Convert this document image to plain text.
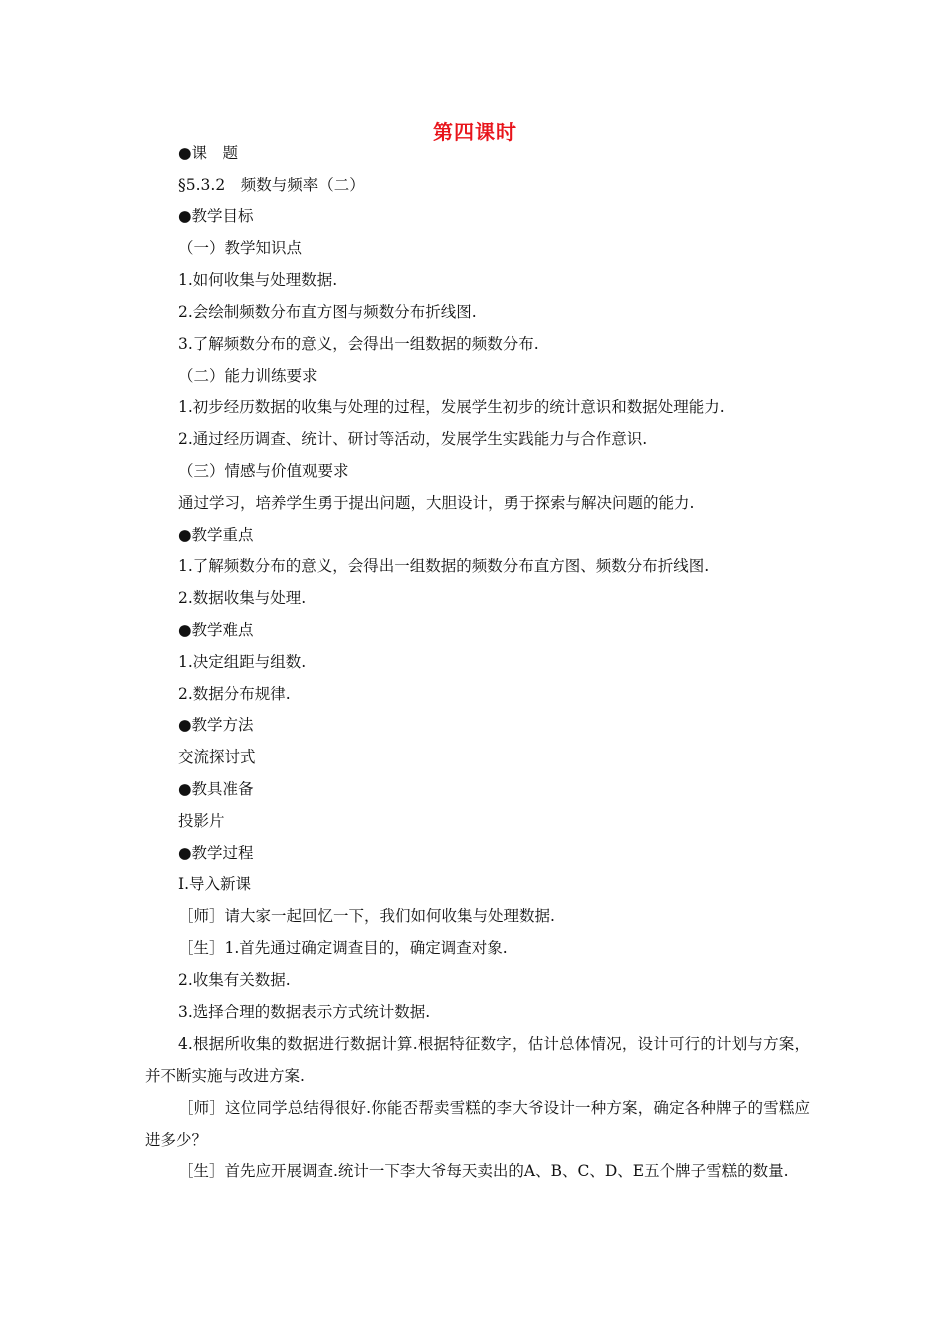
第四课时
●课　题
§5.3.2　频数与频率（二）
●教学目标
（一）教学知识点
1.如何收集与处理数据.
2.会绘制频数分布直方图与频数分布折线图.
3.了解频数分布的意义，会得出一组数据的频数分布.
（二）能力训练要求
1.初步经历数据的收集与处理的过程，发展学生初步的统计意识和数据处理能力.
2.通过经历调查、统计、研讨等活动，发展学生实践能力与合作意识.
（三）情感与价值观要求
通过学习，培养学生勇于提出问题，大胆设计，勇于探索与解决问题的能力.
●教学重点
1.了解频数分布的意义，会得出一组数据的频数分布直方图、频数分布折线图.
2.数据收集与处理.
●教学难点
1.决定组距与组数.
2.数据分布规律.
●教学方法
交流探讨式
●教具准备
投影片
●教学过程
Ⅰ.导入新课
［师］请大家一起回忆一下，我们如何收集与处理数据.
［生］1.首先通过确定调查目的，确定调查对象.
2.收集有关数据.
3.选择合理的数据表示方式统计数据.
4.根据所收集的数据进行数据计算.根据特征数字，估计总体情况，设计可行的计划与方案，并不断实施与改进方案.
［师］这位同学总结得很好.你能否帮卖雪糕的李大爷设计一种方案，确定各种牌子的雪糕应进多少？
［生］首先应开展调查.统计一下李大爷每天卖出的A、B、C、D、E五个牌子雪糕的数量.
